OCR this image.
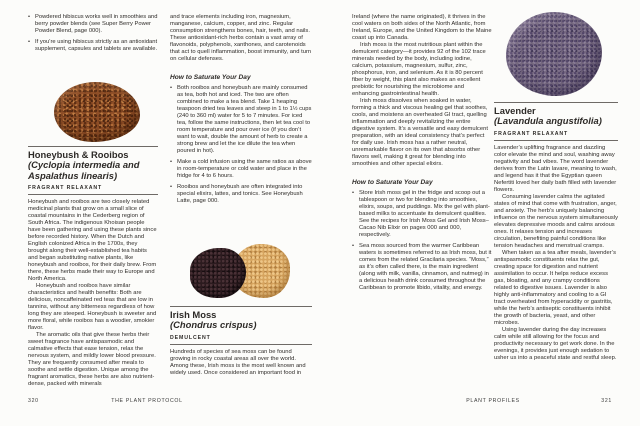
• Powdered hibiscus works well in smoothies and berry powder blends (see Super Berry Power Powder Blend, page 000).
• If you’re using hibiscus strictly as an antioxidant supplement, capsules and tablets are available.
Honeybush & Rooibos
(Cyclopia intermedia and Aspalathus linearis)
FRAGRANT RELAXANT

Honeybush and rooibos are two closely related medicinal plants that grow on a small slice of coastal mountains in the Cederberg region of South Africa. The indigenous Khoisan people have been gathering and using these plants since before recorded history. When the Dutch and English colonized Africa in the 1700s, they brought along their well-established tea habits and began substituting native plants, like honeybush and rooibos, for their daily brew. From there, these herbs made their way to Europe and North America.

Honeybush and rooibos have similar characteristics and health benefits: Both are delicious, noncaffeinated red teas that are low in tannins, without any bitterness regardless of how long they are steeped. Honeybush is sweeter and more floral, while rooibos has a woodier, smokier flavor.

The aromatic oils that give these herbs their sweet fragrance have antispasmodic and calmative effects that ease tension, relax the nervous system, and mildly lower blood pressure. They are frequently consumed after meals to soothe and settle digestion. Unique among the fragrant aromatics, these herbs are also nutrient-dense, packed with minerals

and trace elements including iron, magnesium, manganese, calcium, copper, and zinc. Regular consumption strengthens bones, hair, teeth, and nails. These antioxidant-rich herbs contain a vast array of flavonoids, polyphenols, xanthones, and carotenoids that act to quell inflammation, boost immunity, and turn on cellular defenses.

How to Saturate Your Day
• Both rooibos and honeybush are mainly consumed as tea, both hot and iced. The two are often combined to make a tea blend. Take 1 heaping teaspoon dried tea leaves and steep in 1 to 1½ cups (240 to 360 ml) water for 5 to 7 minutes. For iced tea, follow the same instructions, then let tea cool to room temperature and pour over ice (if you don’t want to wait, double the amount of herb to create a strong brew and let the ice dilute the tea when poured in hot).
• Make a cold infusion using the same ratios as above in room-temperature or cold water and place in the fridge for 4 to 6 hours.
• Rooibos and honeybush are often integrated into special elixirs, lattes, and tonics. See Honeybush Latte, page 000.
Irish Moss
(Chondrus crispus)
DEMULCENT

Hundreds of species of sea moss can be found growing in rocky coastal areas all over the world. Among these, Irish moss is the most well known and widely used. Once considered an important food in

Ireland (where the name originated), it thrives in the cool waters on both sides of the North Atlantic, from Ireland, Europe, and the United Kingdom to the Maine coast up into Canada.

Irish moss is the most nutritious plant within the demulcent category—it provides 92 of the 102 trace minerals needed by the body, including iodine, calcium, potassium, magnesium, sulfur, zinc, phosphorus, iron, and selenium. As it is 80 percent fiber by weight, this plant also makes an excellent prebiotic for nourishing the microbiome and enhancing gastrointestinal health.

Irish moss dissolves when soaked in water, forming a thick and viscous healing gel that soothes, cools, and moistens an overheated GI tract, quelling inflammation and deeply revitalizing the entire digestive system. It’s a versatile and easy demulcent preparation, with an ideal consistency that’s perfect for daily use. Irish moss has a rather neutral, unremarkable flavor on its own that absorbs other flavors well, making it great for blending into smoothies and other special elixirs.

How to Saturate Your Day
• Store Irish moss gel in the fridge and scoop out a tablespoon or two for blending into smoothies, elixirs, soups, and puddings. Mix the gel with plant-based milks to accentuate its demulcent qualities. See the recipes for Irish Moss Gel and Irish Moss–Cacao Nib Elixir on pages 000 and 000, respectively.
• Sea moss sourced from the warmer Caribbean waters is sometimes referred to as Irish moss, but it comes from the related Gracilaria species. “Moss,” as it’s often called there, is the main ingredient (along with milk, vanilla, cinnamon, and nutmeg) in a delicious health drink consumed throughout the Caribbean to promote libido, vitality, and energy.
Lavender
(Lavandula angustifolia)
FRAGRANT RELAXANT

Lavender’s uplifting fragrance and dazzling color elevate the mind and soul, washing away negativity and bad vibes. The word lavender derives from the Latin lavare, meaning to wash, and legend has it that the Egyptian queen Nefertiti loved her daily bath filled with lavender flowers.

Consuming lavender calms the agitated states of mind that come with frustration, anger, and anxiety. The herb’s uniquely balancing influence on the nervous system simultaneously elevates depressive moods and calms anxious ones. It relaxes tension and increases circulation, benefiting painful conditions like tension headaches and menstrual cramps.

When taken as a tea after meals, lavender’s antispasmodic constituents relax the gut, creating space for digestion and nutrient assimilation to occur. It helps reduce excess gas, bloating, and any crampy conditions related to digestive issues. Lavender is also highly anti-inflammatory and cooling to a GI tract overheated from hyperacidity or gastritis, while the herb’s antiseptic constituents inhibit the growth of bacteria, yeast, and other microbes.

Using lavender during the day increases calm while still allowing for the focus and productivity necessary to get work done. In the evenings, it provides just enough sedation to usher us into a peaceful state and restful sleep.

320	THE PLANT PROTOCOL	PLANT PROFILES	321
